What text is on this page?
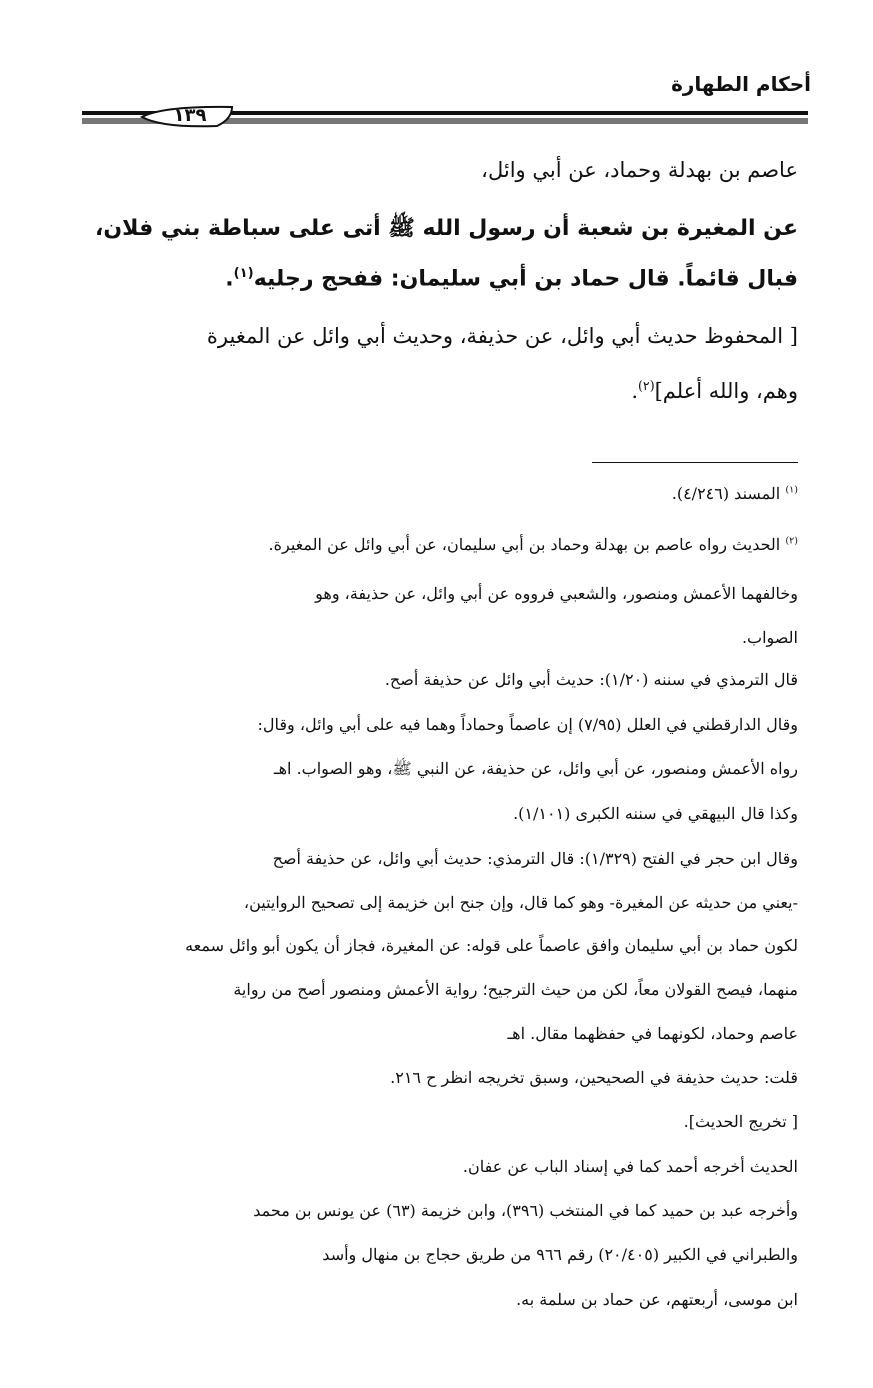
أحكام الطهارة
١٣٩
عاصم بن بهدلة وحماد، عن أبي وائل،
عن المغيرة بن شعبة أن رسول الله ﷺ أتى على سباطة بني فلان،
فبال قائماً. قال حماد بن أبي سليمان: ففحج رجليه$^{(١)}$.
[ المحفوظ حديث أبي وائل، عن حذيفة، وحديث أبي وائل عن المغيرة
وهم، والله أعلم]$^{(٢)}$.
$^{(١)}$ المسند (٤/٢٤٦).
$^{(٢)}$ الحديث رواه عاصم بن بهدلة وحماد بن أبي سليمان، عن أبي وائل عن المغيرة.
وخالفهما الأعمش ومنصور، والشعبي فرووه عن أبي وائل، عن حذيفة، وهو
الصواب.
قال الترمذي في سننه (١/٢٠): حديث أبي وائل عن حذيفة أصح.
وقال الدارقطني في العلل (٧/٩٥) إن عاصماً وحماداً وهما فيه على أبي وائل، وقال:
رواه الأعمش ومنصور، عن أبي وائل، عن حذيفة، عن النبي ﷺ، وهو الصواب. اهـ
وكذا قال البيهقي في سننه الكبرى (١/١٠١).
وقال ابن حجر في الفتح (١/٣٢٩): قال الترمذي: حديث أبي وائل، عن حذيفة أصح
-يعني من حديثه عن المغيرة- وهو كما قال، وإن جنح ابن خزيمة إلى تصحيح الروايتين،
لكون حماد بن أبي سليمان وافق عاصماً على قوله: عن المغيرة، فجاز أن يكون أبو وائل سمعه
منهما، فيصح القولان معاً، لكن من حيث الترجيح؛ رواية الأعمش ومنصور أصح من رواية
عاصم وحماد، لكونهما في حفظهما مقال. اهـ
قلت: حديث حذيفة في الصحيحين، وسبق تخريجه انظر ح ٢١٦.
[ تخريج الحديث].
الحديث أخرجه أحمد كما في إسناد الباب عن عفان.
وأخرجه عبد بن حميد كما في المنتخب (٣٩٦)، وابن خزيمة (٦٣) عن يونس بن محمد
والطبراني في الكبير (٢٠/٤٠٥) رقم ٩٦٦ من طريق حجاج بن منهال وأسد
ابن موسى، أربعتهم، عن حماد بن سلمة به.
